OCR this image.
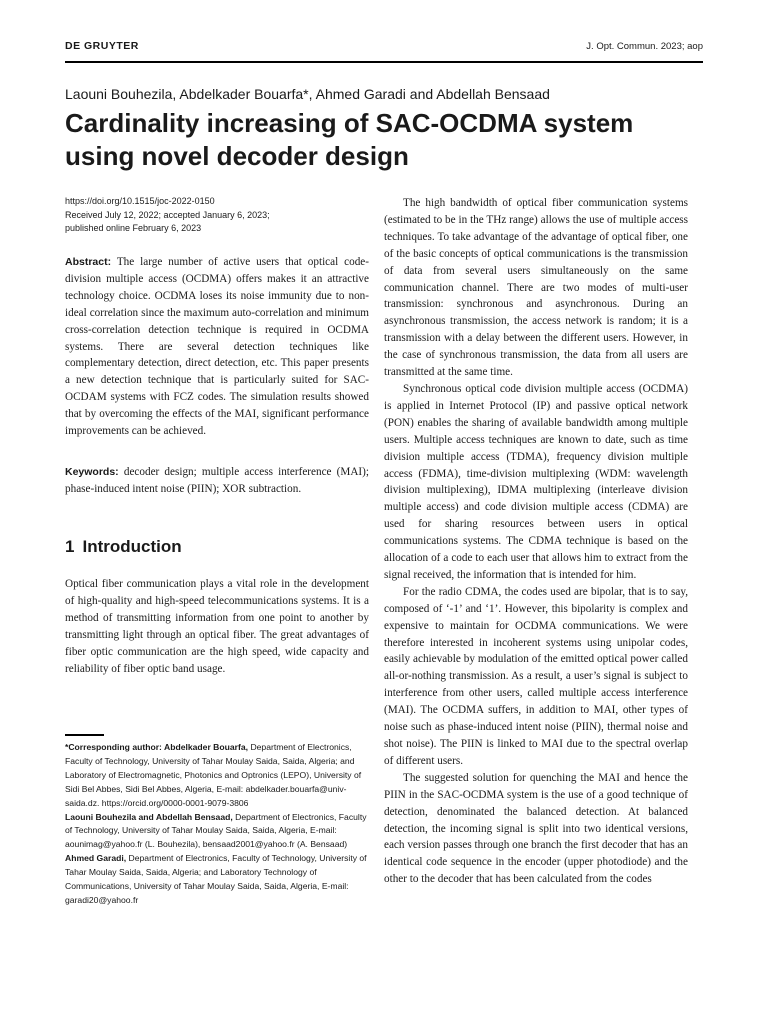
DE GRUYTER	J. Opt. Commun. 2023; aop
Laouni Bouhezila, Abdelkader Bouarfa*, Ahmed Garadi and Abdellah Bensaad
Cardinality increasing of SAC-OCDMA system using novel decoder design
https://doi.org/10.1515/joc-2022-0150
Received July 12, 2022; accepted January 6, 2023;
published online February 6, 2023

Abstract: The large number of active users that optical code-division multiple access (OCDMA) offers makes it an attractive technology choice. OCDMA loses its noise immunity due to non-ideal correlation since the maximum auto-correlation and minimum cross-correlation detection technique is required in OCDMA systems. There are several detection techniques like complementary detection, direct detection, etc. This paper presents a new detection technique that is particularly suited for SAC-OCDAM systems with FCZ codes. The simulation results showed that by overcoming the effects of the MAI, significant performance improvements can be achieved.

Keywords: decoder design; multiple access interference (MAI); phase-induced intent noise (PIIN); XOR subtraction.

1 Introduction

Optical fiber communication plays a vital role in the development of high-quality and high-speed telecommunications systems. It is a method of transmitting information from one point to another by transmitting light through an optical fiber. The great advantages of fiber optic communication are the high speed, wide capacity and reliability of fiber optic band usage.

*Corresponding author: Abdelkader Bouarfa, Department of Electronics, Faculty of Technology, University of Tahar Moulay Saida, Saida, Algeria; and Laboratory of Electromagnetic, Photonics and Optronics (LEPO), University of Sidi Bel Abbes, Sidi Bel Abbes, Algeria, E-mail: abdelkader.bouarfa@univ-saida.dz. https://orcid.org/0000-0001-9079-3806

Laouni Bouhezila and Abdellah Bensaad, Department of Electronics, Faculty of Technology, University of Tahar Moulay Saida, Saida, Algeria, E-mail: aounimag@yahoo.fr (L. Bouhezila), bensaad2001@yahoo.fr (A. Bensaad)

Ahmed Garadi, Department of Electronics, Faculty of Technology, University of Tahar Moulay Saida, Saida, Algeria; and Laboratory Technology of Communications, University of Tahar Moulay Saida, Saida, Algeria, E-mail: garadi20@yahoo.fr

The high bandwidth of optical fiber communication systems (estimated to be in the THz range) allows the use of multiple access techniques. To take advantage of the advantage of optical fiber, one of the basic concepts of optical communications is the transmission of data from several users simultaneously on the same communication channel. There are two modes of multi-user transmission: synchronous and asynchronous. During an asynchronous transmission, the access network is random; it is a transmission with a delay between the different users. However, in the case of synchronous transmission, the data from all users are transmitted at the same time.

Synchronous optical code division multiple access (OCDMA) is applied in Internet Protocol (IP) and passive optical network (PON) enables the sharing of available bandwidth among multiple users. Multiple access techniques are known to date, such as time division multiple access (TDMA), frequency division multiple access (FDMA), time-division multiplexing (WDM: wavelength division multiplexing), IDMA multiplexing (interleave division multiple access) and code division multiple access (CDMA) are used for sharing resources between users in optical communications systems. The CDMA technique is based on the allocation of a code to each user that allows him to extract from the signal received, the information that is intended for him.

For the radio CDMA, the codes used are bipolar, that is to say, composed of ‘-1’ and ‘1’. However, this bipolarity is complex and expensive to maintain for OCDMA communications. We were therefore interested in incoherent systems using unipolar codes, easily achievable by modulation of the emitted optical power called all-or-nothing transmission. As a result, a user’s signal is subject to interference from other users, called multiple access interference (MAI). The OCDMA suffers, in addition to MAI, other types of noise such as phase-induced intent noise (PIIN), thermal noise and shot noise). The PIIN is linked to MAI due to the spectral overlap of different users.

The suggested solution for quenching the MAI and hence the PIIN in the SAC-OCDMA system is the use of a good technique of detection, denominated the balanced detection. At balanced detection, the incoming signal is split into two identical versions, each version passes through one branch the first decoder that has an identical code sequence in the encoder (upper photodiode) and the other to the decoder that has been calculated from the codes
